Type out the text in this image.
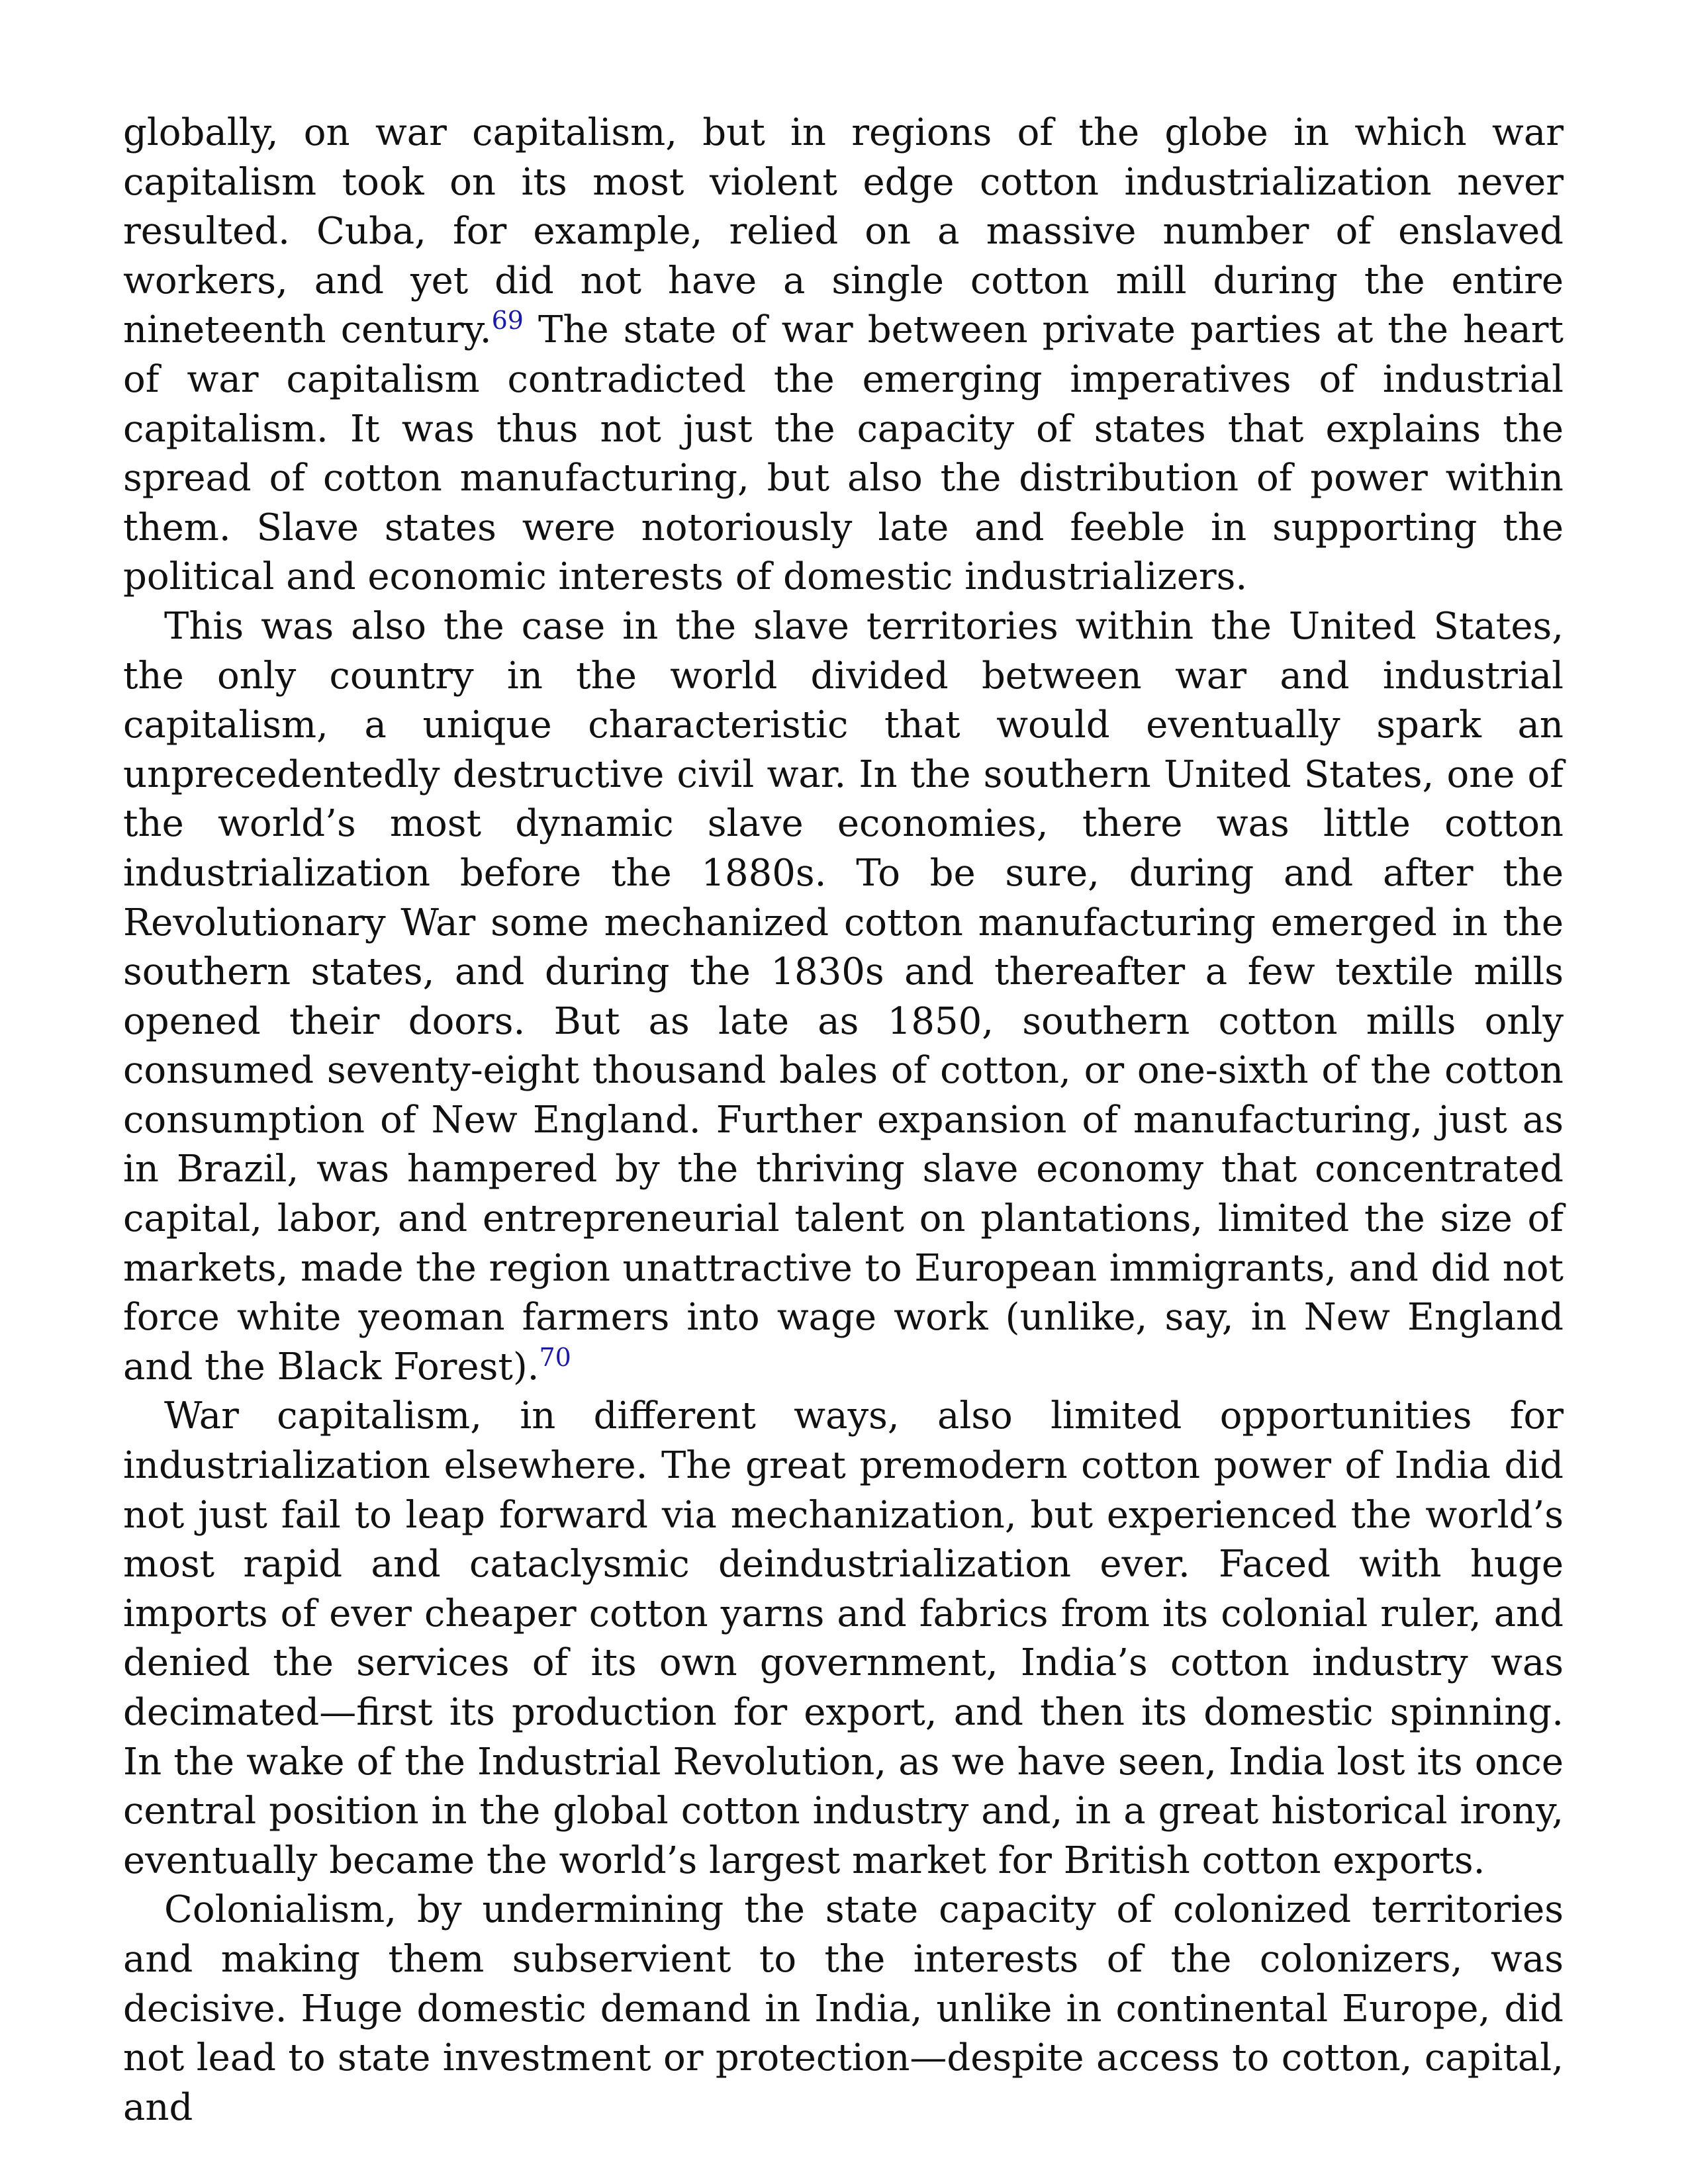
globally, on war capitalism, but in regions of the globe in which war capitalism took on its most violent edge cotton industrialization never resulted. Cuba, for example, relied on a massive number of enslaved workers, and yet did not have a single cotton mill during the entire nineteenth century.$^{69}$ The state of war between private parties at the heart of war capitalism contradicted the emerging imperatives of industrial capitalism. It was thus not just the capacity of states that explains the spread of cotton manufacturing, but also the distribution of power within them. Slave states were notoriously late and feeble in supporting the political and economic interests of domestic industrializers.

This was also the case in the slave territories within the United States, the only country in the world divided between war and industrial capitalism, a unique characteristic that would eventually spark an unprecedentedly destructive civil war. In the southern United States, one of the world’s most dynamic slave economies, there was little cotton industrialization before the 1880s. To be sure, during and after the Revolutionary War some mechanized cotton manufacturing emerged in the southern states, and during the 1830s and thereafter a few textile mills opened their doors. But as late as 1850, southern cotton mills only consumed seventy-eight thousand bales of cotton, or one-sixth of the cotton consumption of New England. Further expansion of manufacturing, just as in Brazil, was hampered by the thriving slave economy that concentrated capital, labor, and entrepreneurial talent on plantations, limited the size of markets, made the region unattractive to European immigrants, and did not force white yeoman farmers into wage work (unlike, say, in New England and the Black Forest).$^{70}$

War capitalism, in different ways, also limited opportunities for industrialization elsewhere. The great premodern cotton power of India did not just fail to leap forward via mechanization, but experienced the world’s most rapid and cataclysmic deindustrialization ever. Faced with huge imports of ever cheaper cotton yarns and fabrics from its colonial ruler, and denied the services of its own government, India’s cotton industry was decimated—first its production for export, and then its domestic spinning. In the wake of the Industrial Revolution, as we have seen, India lost its once central position in the global cotton industry and, in a great historical irony, eventually became the world’s largest market for British cotton exports.

Colonialism, by undermining the state capacity of colonized territories and making them subservient to the interests of the colonizers, was decisive. Huge domestic demand in India, unlike in continental Europe, did not lead to state investment or protection—despite access to cotton, capital, and
